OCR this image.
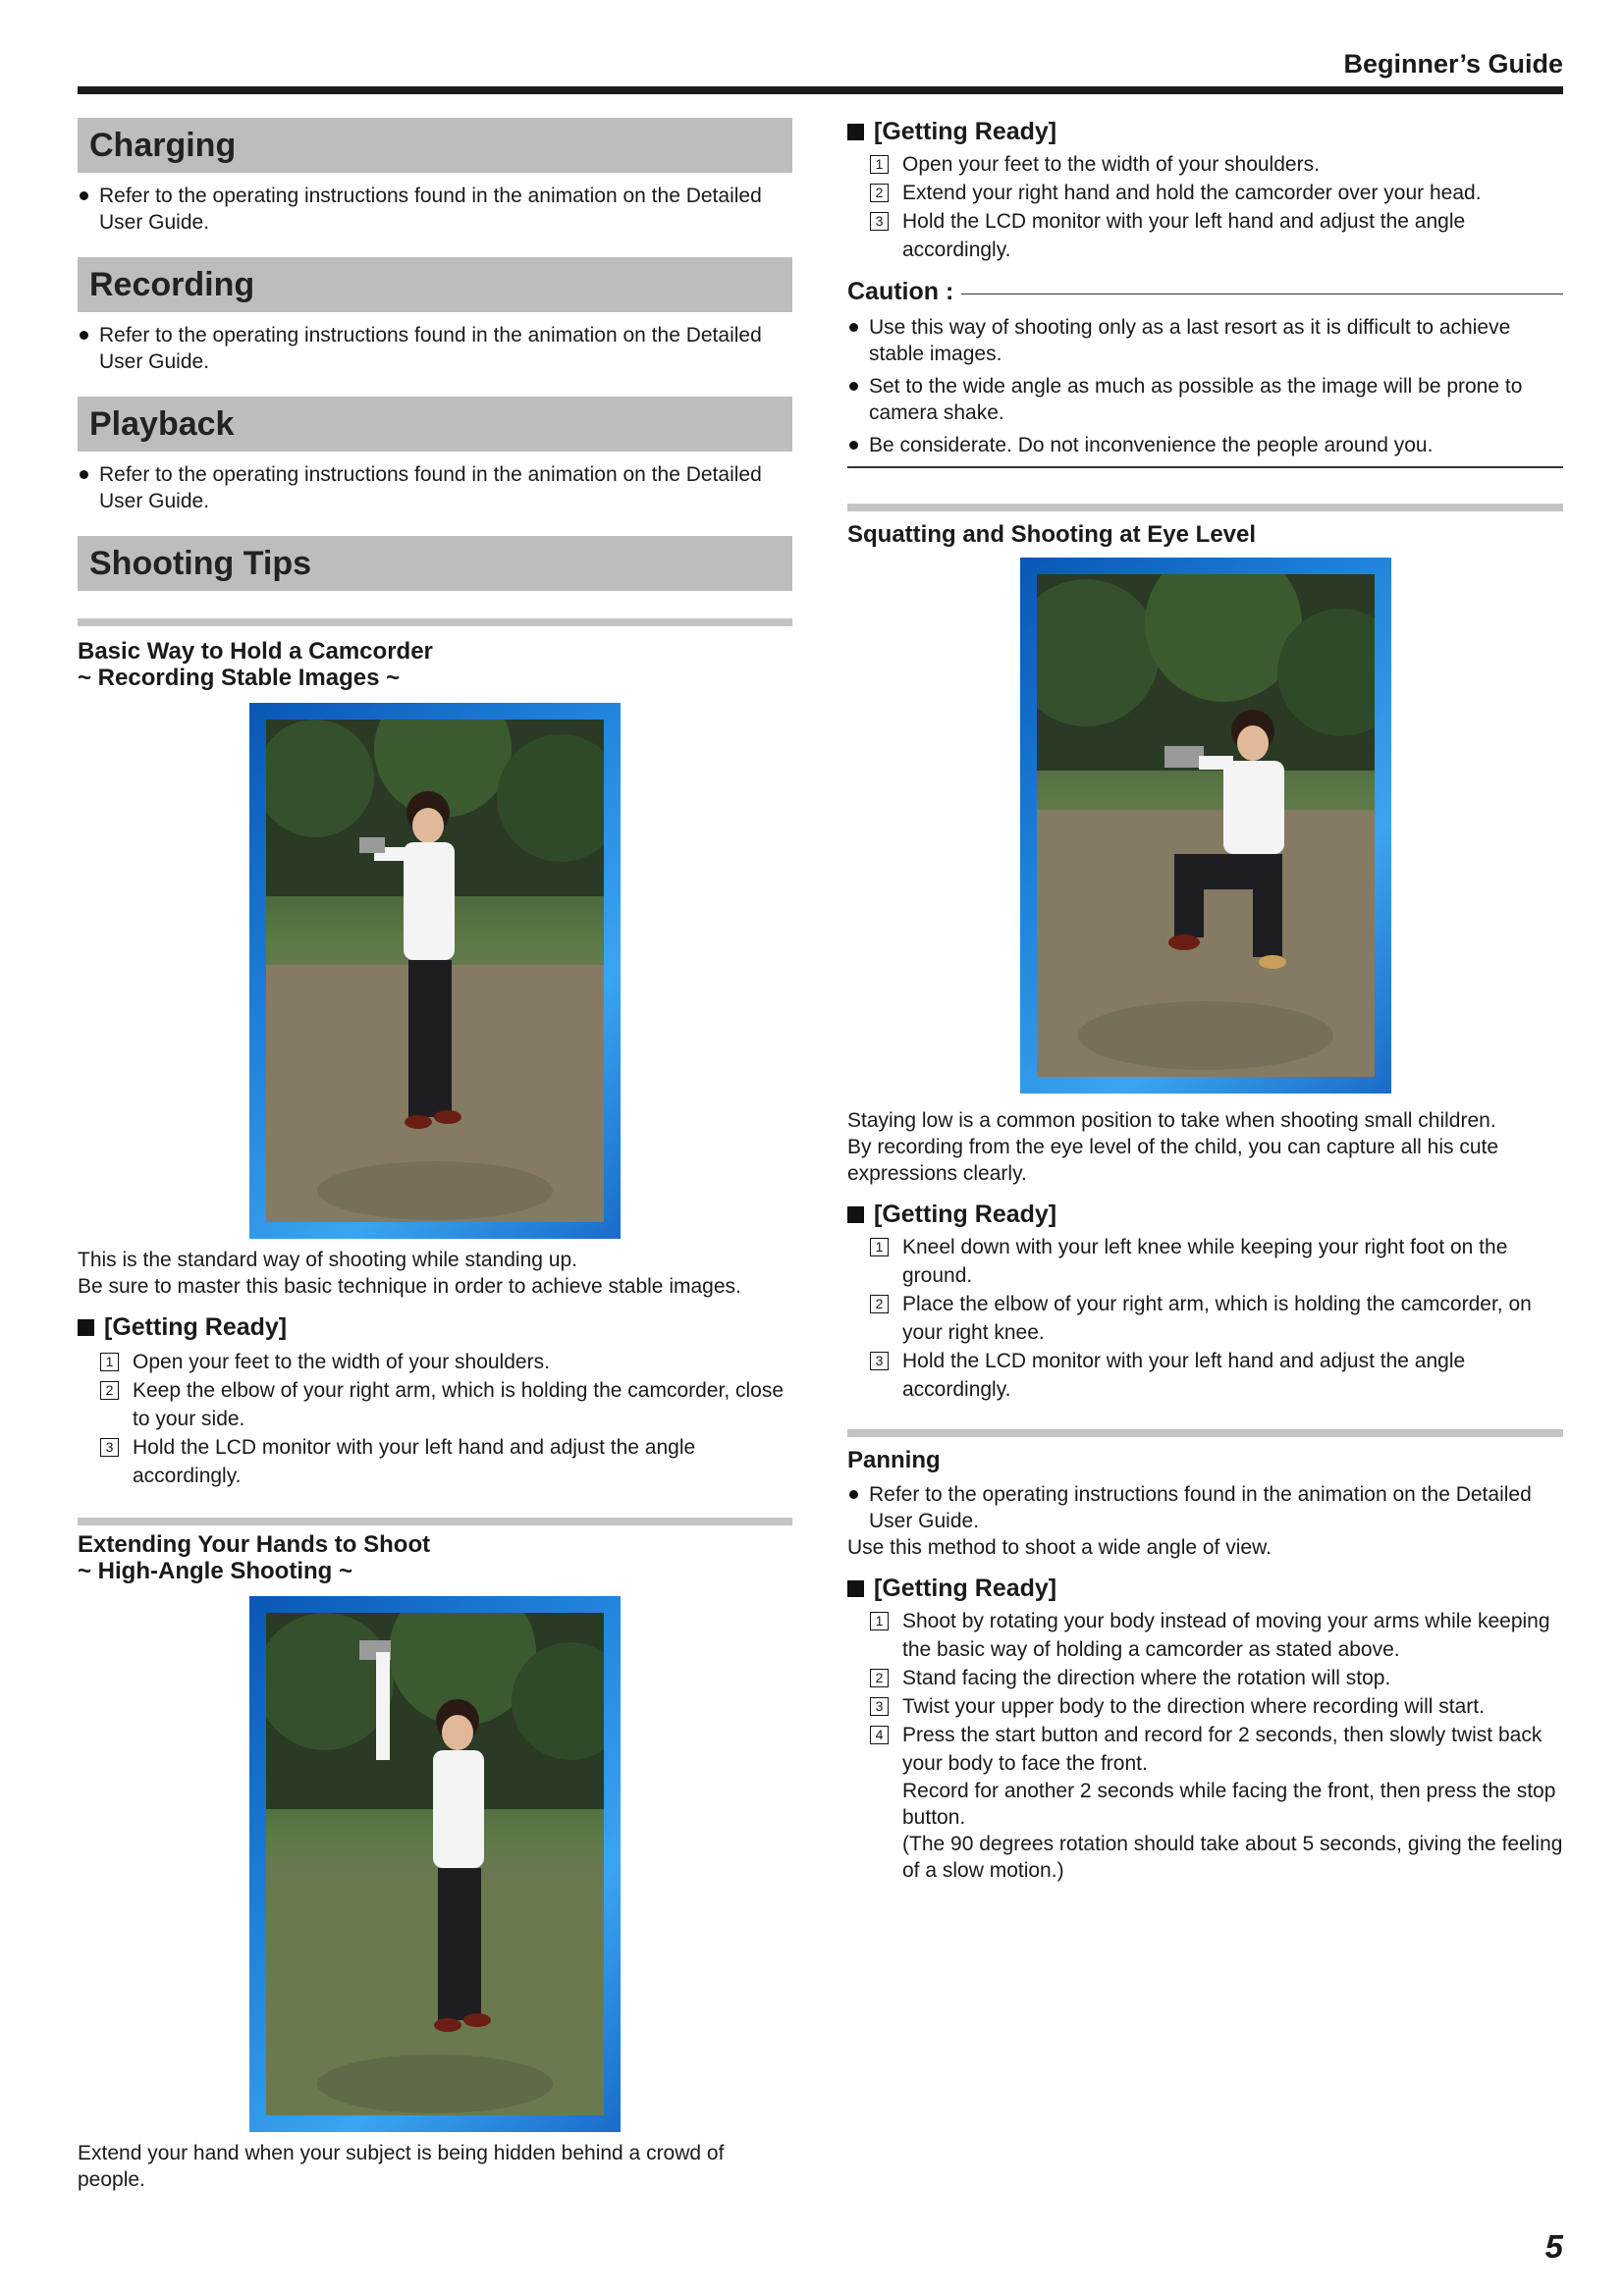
Beginner’s Guide
Charging
Refer to the operating instructions found in the animation on the Detailed User Guide.
Recording
Refer to the operating instructions found in the animation on the Detailed User Guide.
Playback
Refer to the operating instructions found in the animation on the Detailed User Guide.
Shooting Tips
Basic Way to Hold a Camcorder
~ Recording Stable Images ~
This is the standard way of shooting while standing up.
Be sure to master this basic technique in order to achieve stable images.
[Getting Ready]
1 Open your feet to the width of your shoulders.
2 Keep the elbow of your right arm, which is holding the camcorder, close to your side.
3 Hold the LCD monitor with your left hand and adjust the angle accordingly.
Extending Your Hands to Shoot
~ High-Angle Shooting ~
Extend your hand when your subject is being hidden behind a crowd of people.
[Getting Ready]
1 Open your feet to the width of your shoulders.
2 Extend your right hand and hold the camcorder over your head.
3 Hold the LCD monitor with your left hand and adjust the angle accordingly.
Caution :
Use this way of shooting only as a last resort as it is difficult to achieve stable images.
Set to the wide angle as much as possible as the image will be prone to camera shake.
Be considerate. Do not inconvenience the people around you.
Squatting and Shooting at Eye Level
Staying low is a common position to take when shooting small children.
By recording from the eye level of the child, you can capture all his cute expressions clearly.
[Getting Ready]
1 Kneel down with your left knee while keeping your right foot on the ground.
2 Place the elbow of your right arm, which is holding the camcorder, on your right knee.
3 Hold the LCD monitor with your left hand and adjust the angle accordingly.
Panning
Refer to the operating instructions found in the animation on the Detailed User Guide.
Use this method to shoot a wide angle of view.
[Getting Ready]
1 Shoot by rotating your body instead of moving your arms while keeping the basic way of holding a camcorder as stated above.
2 Stand facing the direction where the rotation will stop.
3 Twist your upper body to the direction where recording will start.
4 Press the start button and record for 2 seconds, then slowly twist back your body to face the front.
Record for another 2 seconds while facing the front, then press the stop button.
(The 90 degrees rotation should take about 5 seconds, giving the feeling of a slow motion.)
5
